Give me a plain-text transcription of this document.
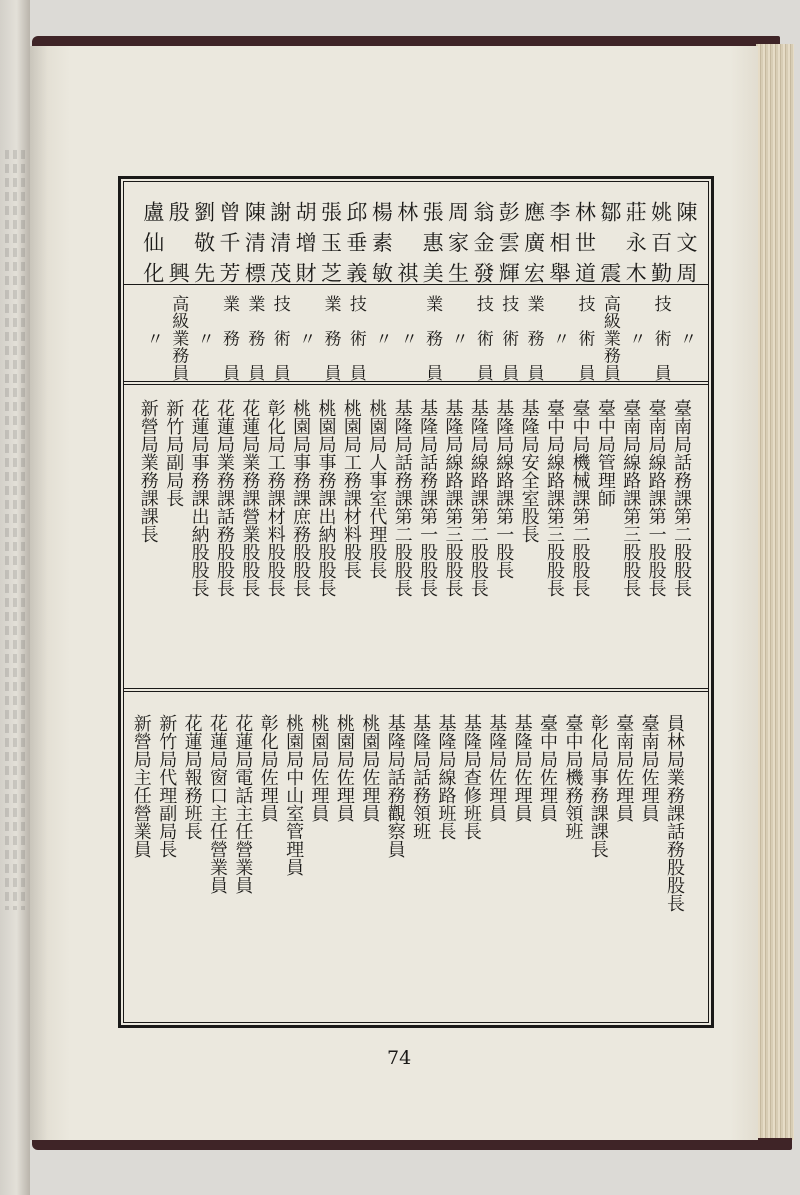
陳文周
〃
臺南局話務課第二股股長
員林局業務課話務股股長
姚百勤
技術員
臺南局線路課第一股股長
臺南局佐理員
莊永木
〃
臺南局線路課第三股股長
臺南局佐理員
鄒震
高級業務員
臺中局管理師
彰化局事務課課長
林世道
技術員
臺中局機械課第二股股長
臺中局機務領班
李相舉
〃
臺中局線路課第三股股長
臺中局佐理員
應廣宏
業務員
基隆局安全室股長
基隆局佐理員
彭雲輝
技術員
基隆局線路課第一股長
基隆局佐理員
翁金發
技術員
基隆局線路課第二股股長
基隆局查修班長
周家生
〃
基隆局線路課第三股股長
基隆局線路班長
張惠美
業務員
基隆局話務課第一股股長
基隆局話務領班
林祺
〃
基隆局話務課第二股股長
基隆局話務觀察員
楊素敏
〃
桃園局人事室代理股長
桃園局佐理員
邱垂義
技術員
桃園局工務課材料股長
桃園局佐理員
張玉芝
業務員
桃園局事務課出納股股長
桃園局佐理員
胡增財
〃
桃園局事務課庶務股股長
桃園局中山室管理員
謝清茂
技術員
彰化局工務課材料股股長
彰化局佐理員
陳清標
業務員
花蓮局業務課營業股股長
花蓮局電話主任營業員
曾千芳
業務員
花蓮局業務課話務股股長
花蓮局窗口主任營業員
劉敬先
〃
花蓮局事務課出納股股長
花蓮局報務班長
殷興
高級業務員
新竹局副局長
新竹局代理副局長
盧仙化
〃
新營局業務課課長
新營局主任營業員
74
